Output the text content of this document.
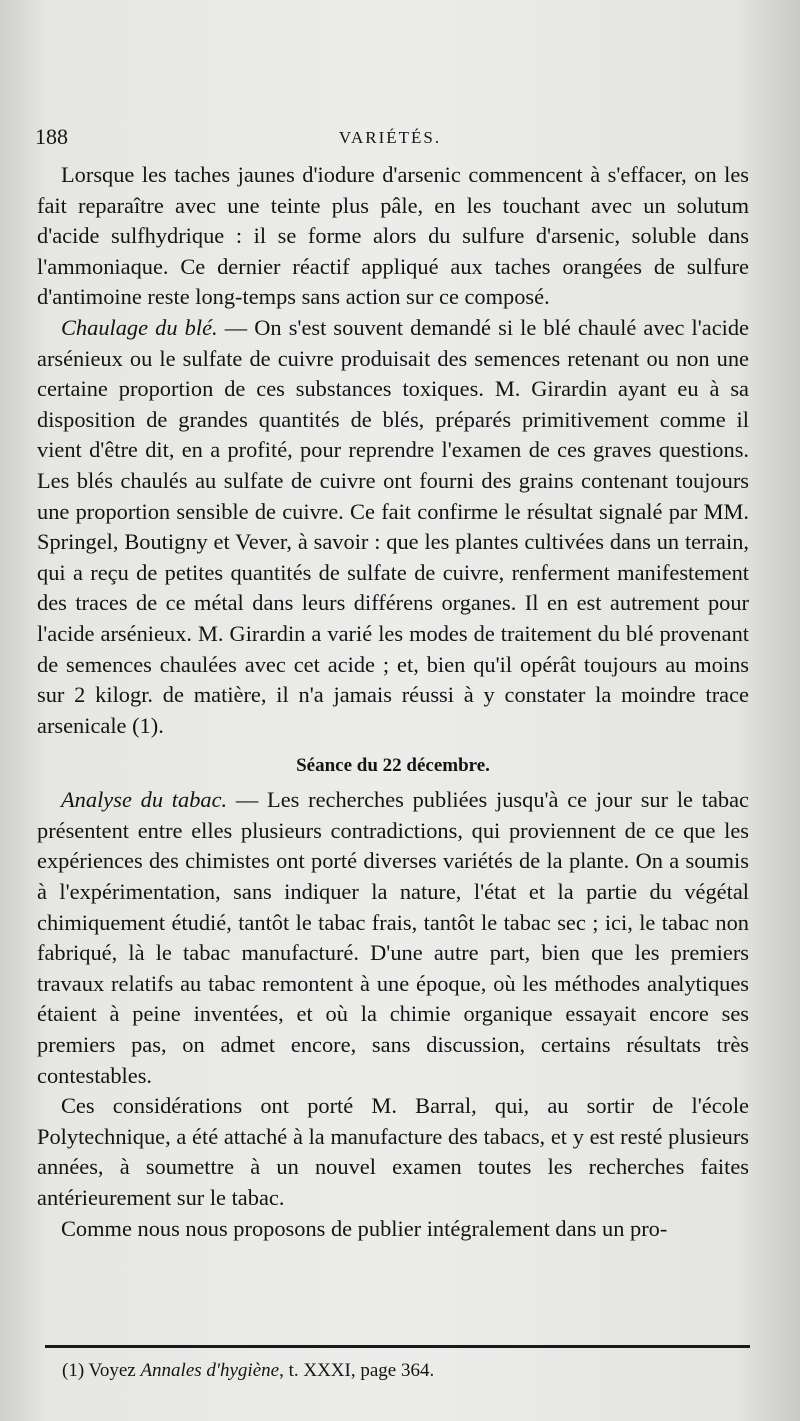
188	VARIÉTÉS.

Lorsque les taches jaunes d'iodure d'arsenic commencent à s'effacer, on les fait reparaître avec une teinte plus pâle, en les touchant avec un solutum d'acide sulfhydrique : il se forme alors du sulfure d'arsenic, soluble dans l'ammoniaque. Ce dernier réactif appliqué aux taches orangées de sulfure d'antimoine reste long-temps sans action sur ce composé.

Chaulage du blé. — On s'est souvent demandé si le blé chaulé avec l'acide arsénieux ou le sulfate de cuivre produisait des semences retenant ou non une certaine proportion de ces substances toxiques. M. Girardin ayant eu à sa disposition de grandes quantités de blés, préparés primitivement comme il vient d'être dit, en a profité, pour reprendre l'examen de ces graves questions. Les blés chaulés au sulfate de cuivre ont fourni des grains contenant toujours une proportion sensible de cuivre. Ce fait confirme le résultat signalé par MM. Springel, Boutigny et Vever, à savoir : que les plantes cultivées dans un terrain, qui a reçu de petites quantités de sulfate de cuivre, renferment manifestement des traces de ce métal dans leurs différens organes. Il en est autrement pour l'acide arsénieux. M. Girardin a varié les modes de traitement du blé provenant de semences chaulées avec cet acide ; et, bien qu'il opérât toujours au moins sur 2 kilogr. de matière, il n'a jamais réussi à y constater la moindre trace arsenicale (1).

Séance du 22 décembre.

Analyse du tabac. — Les recherches publiées jusqu'à ce jour sur le tabac présentent entre elles plusieurs contradictions, qui proviennent de ce que les expériences des chimistes ont porté diverses variétés de la plante. On a soumis à l'expérimentation, sans indiquer la nature, l'état et la partie du végétal chimiquement étudié, tantôt le tabac frais, tantôt le tabac sec ; ici, le tabac non fabriqué, là le tabac manufacturé. D'une autre part, bien que les premiers travaux relatifs au tabac remontent à une époque, où les méthodes analytiques étaient à peine inventées, et où la chimie organique essayait encore ses premiers pas, on admet encore, sans discussion, certains résultats très contestables.

Ces considérations ont porté M. Barral, qui, au sortir de l'école Polytechnique, a été attaché à la manufacture des tabacs, et y est resté plusieurs années, à soumettre à un nouvel examen toutes les recherches faites antérieurement sur le tabac.

Comme nous nous proposons de publier intégralement dans un pro-

(1) Voyez Annales d'hygiène, t. XXXI, page 364.
